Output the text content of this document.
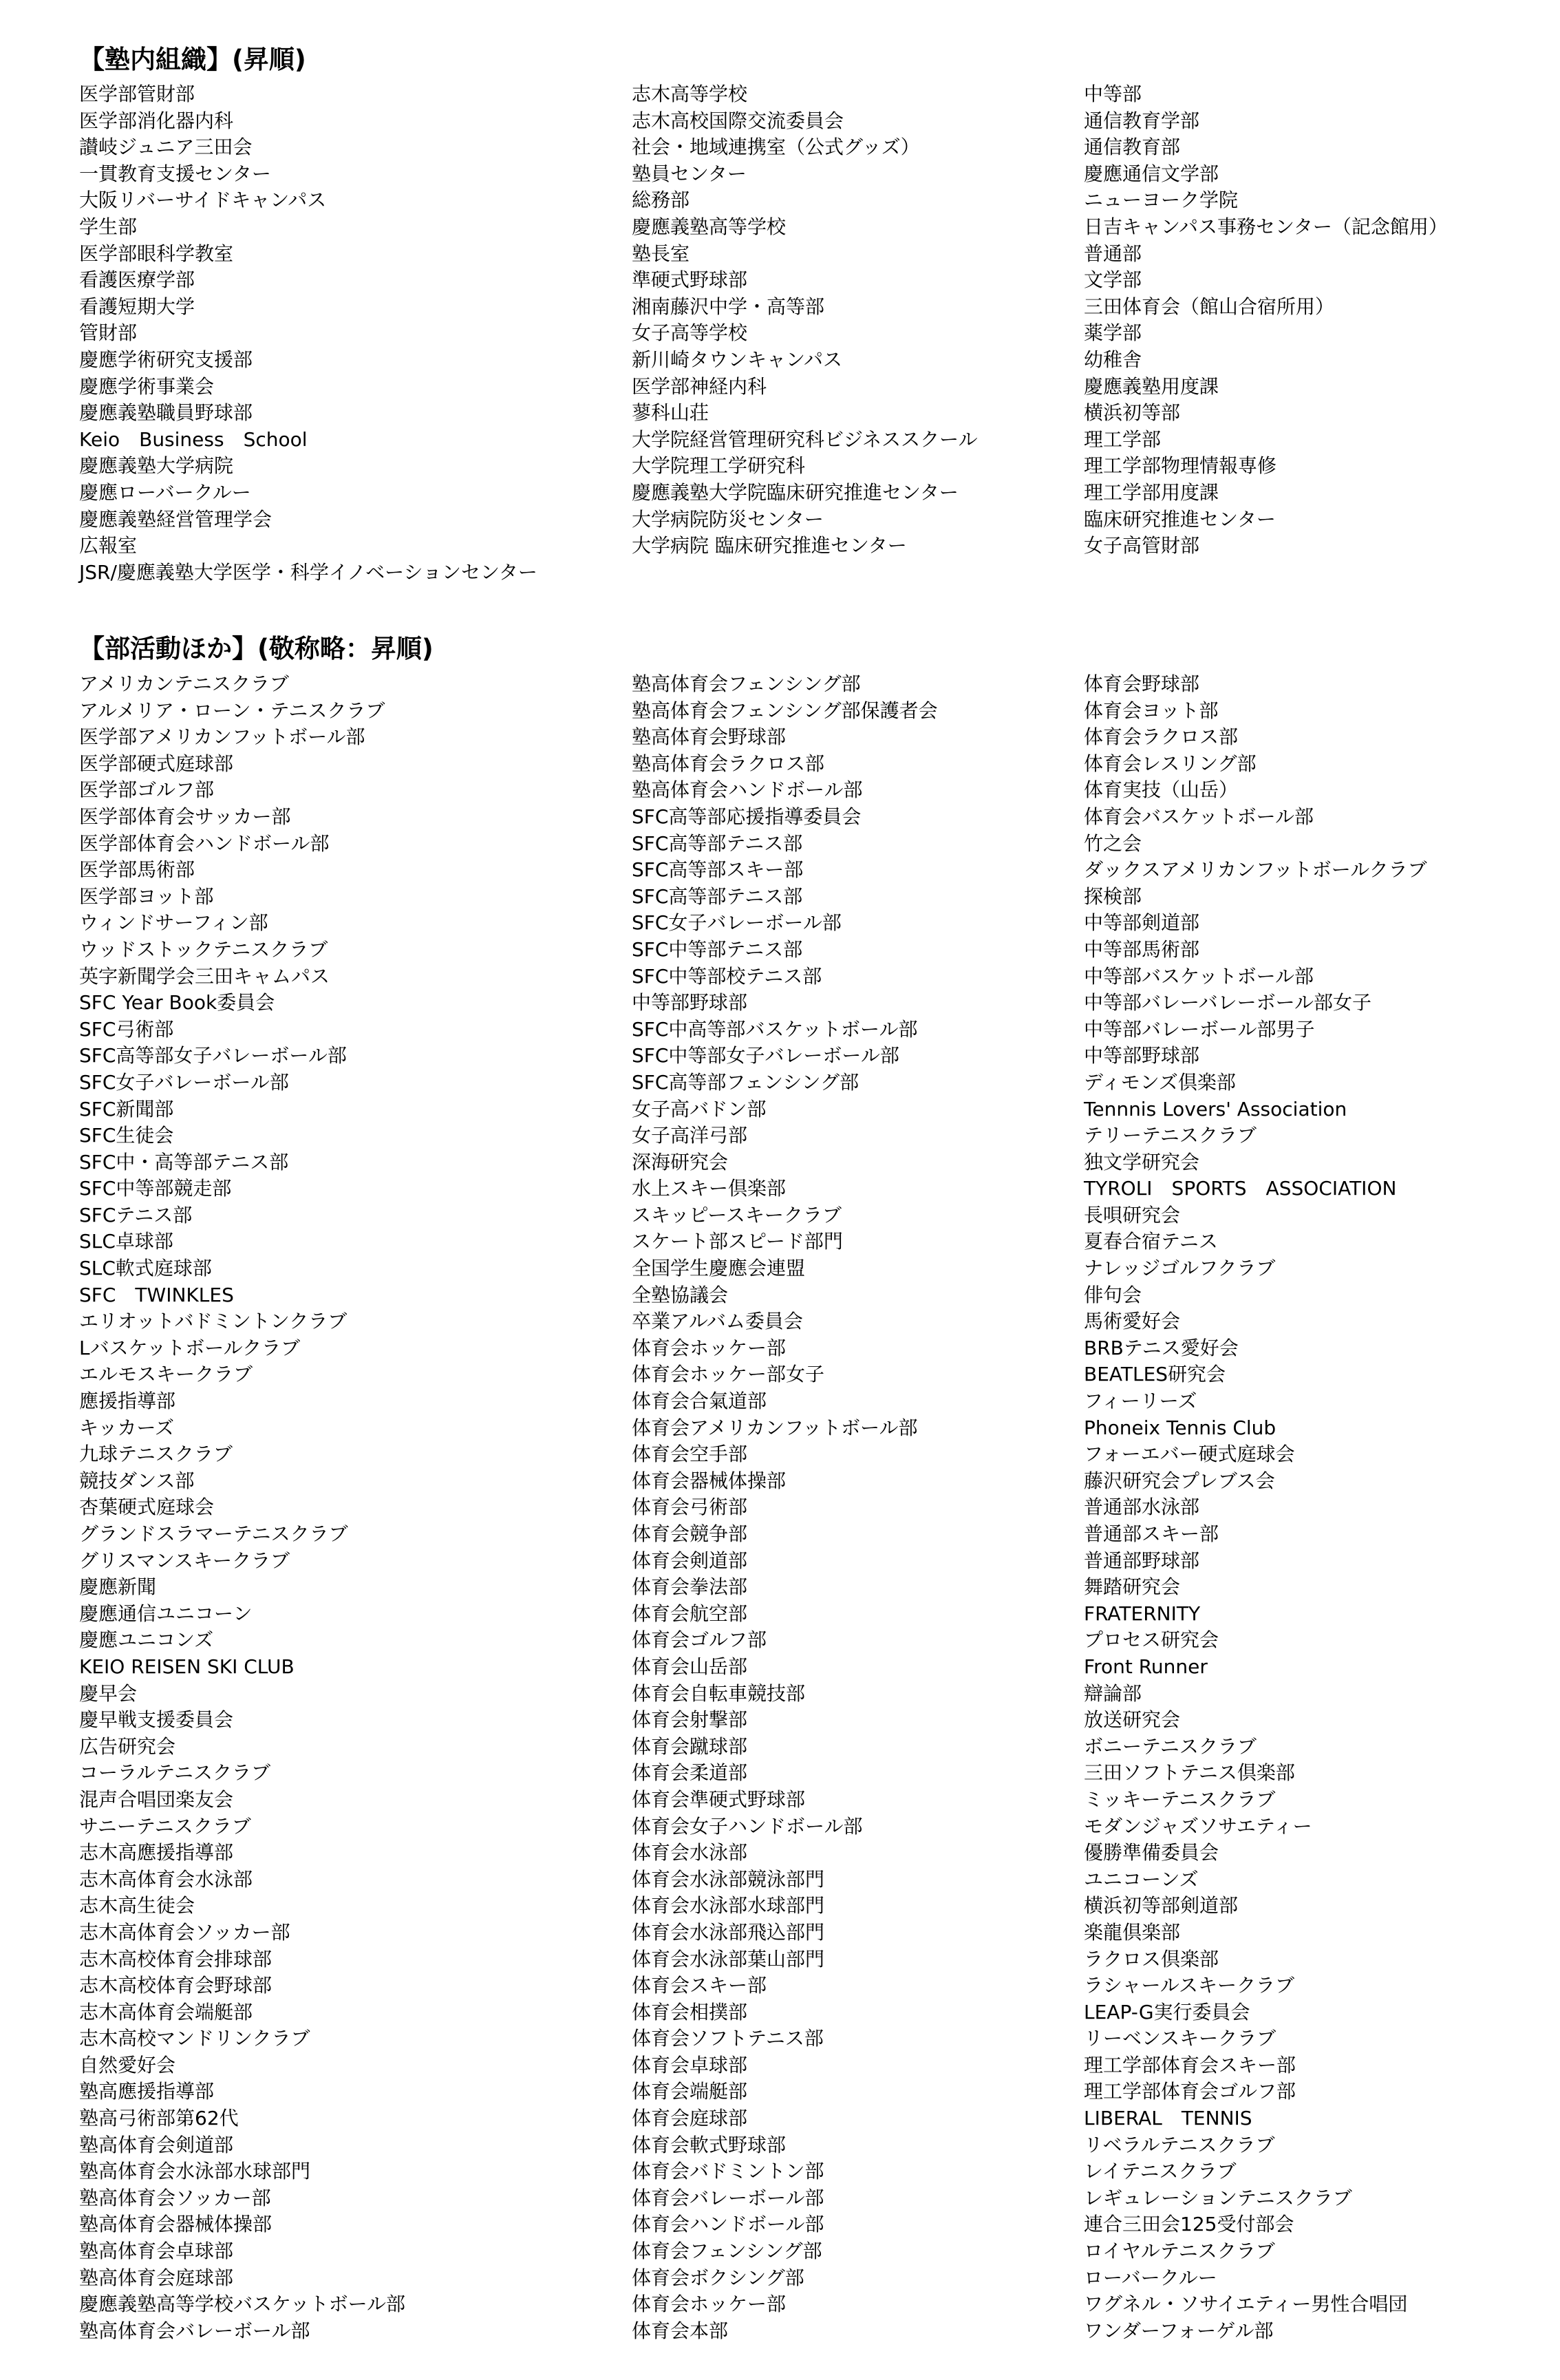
【塾内組織】(昇順)
医学部管財部
医学部消化器内科
讃岐ジュニア三田会
一貫教育支援センター
大阪リバーサイドキャンパス
学生部
医学部眼科学教室
看護医療学部
看護短期大学
管財部
慶應学術研究支援部
慶應学術事業会
慶應義塾職員野球部
Keio　Business　School
慶應義塾大学病院
慶應ローバークルー
慶應義塾経営管理学会
広報室
JSR/慶應義塾大学医学・科学イノベーションセンター
志木高等学校
志木高校国際交流委員会
社会・地域連携室（公式グッズ）
塾員センター
総務部
慶應義塾高等学校
塾長室
準硬式野球部
湘南藤沢中学・高等部
女子高等学校
新川崎タウンキャンパス
医学部神経内科
蓼科山荘
大学院経営管理研究科ビジネススクール
大学院理工学研究科
慶應義塾大学院臨床研究推進センター
大学病院防災センター
大学病院 臨床研究推進センター
中等部
通信教育学部
通信教育部
慶應通信文学部
ニューヨーク学院
日吉キャンパス事務センター（記念館用）
普通部
文学部
三田体育会（館山合宿所用）
薬学部
幼稚舎
慶應義塾用度課
横浜初等部
理工学部
理工学部物理情報専修
理工学部用度課
臨床研究推進センター
女子高管財部
【部活動ほか】(敬称略：昇順)
アメリカンテニスクラブ
アルメリア・ローン・テニスクラブ
医学部アメリカンフットボール部
医学部硬式庭球部
医学部ゴルフ部
医学部体育会サッカー部
医学部体育会ハンドボール部
医学部馬術部
医学部ヨット部
ウィンドサーフィン部
ウッドストックテニスクラブ
英字新聞学会三田キャムパス
SFC Year Book委員会
SFC弓術部
SFC高等部女子バレーボール部
SFC女子バレーボール部
SFC新聞部
SFC生徒会
SFC中・高等部テニス部
SFC中等部競走部
SFCテニス部
SLC卓球部
SLC軟式庭球部
SFC　TWINKLES
エリオットバドミントンクラブ
Lバスケットボールクラブ
エルモスキークラブ
應援指導部
キッカーズ
九球テニスクラブ
競技ダンス部
杏葉硬式庭球会
グランドスラマーテニスクラブ
グリスマンスキークラブ
慶應新聞
慶應通信ユニコーン
慶應ユニコンズ
KEIO REISEN SKI CLUB
慶早会
慶早戦支援委員会
広告研究会
コーラルテニスクラブ
混声合唱団楽友会
サニーテニスクラブ
志木高應援指導部
志木高体育会水泳部
志木高生徒会
志木高体育会ソッカー部
志木高校体育会排球部
志木高校体育会野球部
志木高体育会端艇部
志木高校マンドリンクラブ
自然愛好会
塾高應援指導部
塾高弓術部第62代
塾高体育会剣道部
塾高体育会水泳部水球部門
塾高体育会ソッカー部
塾高体育会器械体操部
塾高体育会卓球部
塾高体育会庭球部
慶應義塾高等学校バスケットボール部
塾高体育会バレーボール部
塾高体育会フェンシング部
塾高体育会フェンシング部保護者会
塾高体育会野球部
塾高体育会ラクロス部
塾高体育会ハンドボール部
SFC高等部応援指導委員会
SFC高等部テニス部
SFC高等部スキー部
SFC高等部テニス部
SFC女子バレーボール部
SFC中等部テニス部
SFC中等部校テニス部
中等部野球部
SFC中高等部バスケットボール部
SFC中等部女子バレーボール部
SFC高等部フェンシング部
女子高バドン部
女子高洋弓部
深海研究会
水上スキー倶楽部
スキッピースキークラブ
スケート部スピード部門
全国学生慶應会連盟
全塾協議会
卒業アルバム委員会
体育会ホッケー部
体育会ホッケー部女子
体育会合氣道部
体育会アメリカンフットボール部
体育会空手部
体育会器械体操部
体育会弓術部
体育会競争部
体育会剣道部
体育会拳法部
体育会航空部
体育会ゴルフ部
体育会山岳部
体育会自転車競技部
体育会射撃部
体育会蹴球部
体育会柔道部
体育会準硬式野球部
体育会女子ハンドボール部
体育会水泳部
体育会水泳部競泳部門
体育会水泳部水球部門
体育会水泳部飛込部門
体育会水泳部葉山部門
体育会スキー部
体育会相撲部
体育会ソフトテニス部
体育会卓球部
体育会端艇部
体育会庭球部
体育会軟式野球部
体育会バドミントン部
体育会バレーボール部
体育会ハンドボール部
体育会フェンシング部
体育会ボクシング部
体育会ホッケー部
体育会本部
体育会野球部
体育会ヨット部
体育会ラクロス部
体育会レスリング部
体育実技（山岳）
体育会バスケットボール部
竹之会
ダックスアメリカンフットボールクラブ
探検部
中等部剣道部
中等部馬術部
中等部バスケットボール部
中等部バレーバレーボール部女子
中等部バレーボール部男子
中等部野球部
ディモンズ倶楽部
Tennnis Lovers' Association
テリーテニスクラブ
独文学研究会
TYROLI　SPORTS　ASSOCIATION
長唄研究会
夏春合宿テニス
ナレッジゴルフクラブ
俳句会
馬術愛好会
BRBテニス愛好会
BEATLES研究会
フィーリーズ
Phoneix Tennis Club
フォーエバー硬式庭球会
藤沢研究会プレブス会
普通部水泳部
普通部スキー部
普通部野球部
舞踏研究会
FRATERNITY
プロセス研究会
Front Runner
辯論部
放送研究会
ボニーテニスクラブ
三田ソフトテニス倶楽部
ミッキーテニスクラブ
モダンジャズソサエティー
優勝準備委員会
ユニコーンズ
横浜初等部剣道部
楽龍倶楽部
ラクロス倶楽部
ラシャールスキークラブ
LEAP-G実行委員会
リーベンスキークラブ
理工学部体育会スキー部
理工学部体育会ゴルフ部
LIBERAL　TENNIS
リベラルテニスクラブ
レイテニスクラブ
レギュレーションテニスクラブ
連合三田会125受付部会
ロイヤルテニスクラブ
ローバークルー
ワグネル・ソサイエティー男性合唱団
ワンダーフォーゲル部
